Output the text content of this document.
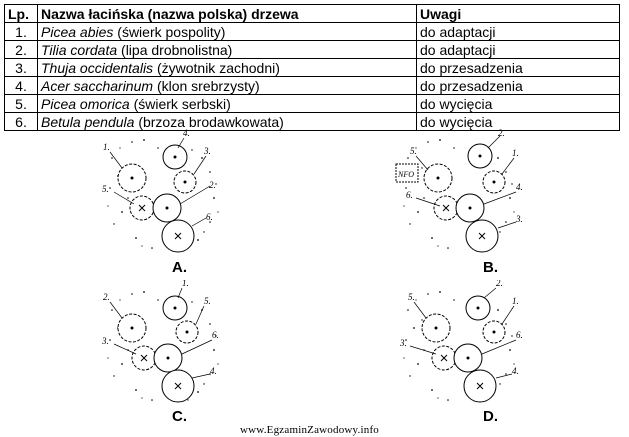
Lp.	Nazwa łacińska (nazwa polska) drzewa	Uwagi
1.	Picea abies (świerk pospolity)	do adaptacji
2.	Tilia cordata (lipa drobnolistna)	do adaptacji
3.	Thuja occidentalis (żywotnik zachodni)	do przesadzenia
4.	Acer saccharinum (klon srebrzysty)	do przesadzenia
5.	Picea omorica (świerk serbski)	do wycięcia
6.	Betula pendula (brzoza brodawkowata)	do wycięcia
1.
4.
3.
5.	2.
6.
A.
NFO
5.
2.
1.
6.
4.
3.
B.
2.
1.
5.
3.
6.
4.
C.
5.
2.
1.
3.
6.
4.
D.
www.EgzaminZawodowy.info
